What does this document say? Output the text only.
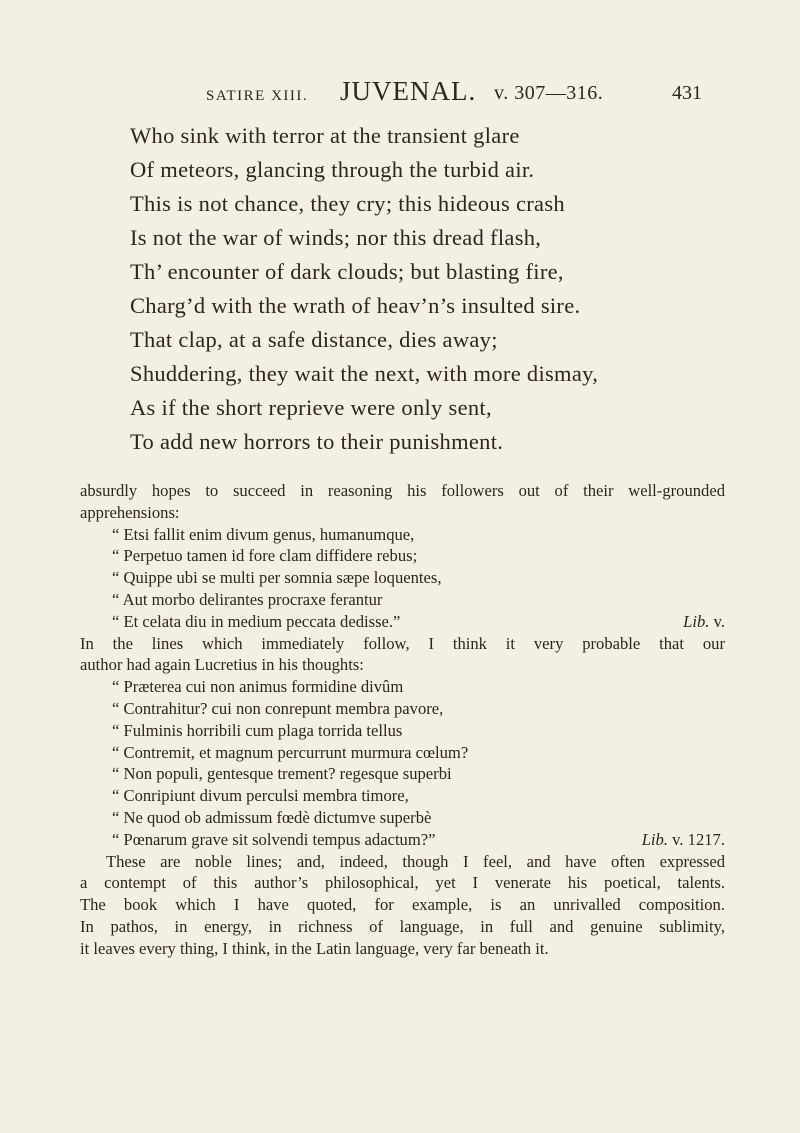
SATIRE XIII. JUVENAL. v. 307—316.	431
Who sink with terror at the transient glare
Of meteors, glancing through the turbid air.
This is not chance, they cry; this hideous crash
Is not the war of winds; nor this dread flash,
Th’ encounter of dark clouds; but blasting fire,
Charg’d with the wrath of heav’n’s insulted sire.
That clap, at a safe distance, dies away;
Shuddering, they wait the next, with more dismay,
As if the short reprieve were only sent,
To add new horrors to their punishment.
absurdly hopes to succeed in reasoning his followers out of their well-grounded
apprehensions:
“ Etsi fallit enim divum genus, humanumque,
“ Perpetuo tamen id fore clam diffidere rebus;
“ Quippe ubi se multi per somnia sæpe loquentes,
“ Aut morbo delirantes procraxe ferantur
“ Et celata diu in medium peccata dedisse.”	Lib. v.
In the lines which immediately follow, I think it very probable that our
author had again Lucretius in his thoughts:
“ Præterea cui non animus formidine divûm
“ Contrahitur? cui non conrepunt membra pavore,
“ Fulminis horribili cum plaga torrida tellus
“ Contremit, et magnum percurrunt murmura cœlum?
“ Non populi, gentesque trement? regesque superbi
“ Conripiunt divum perculsi membra timore,
“ Ne quod ob admissum fœdè dictumve superbè
“ Pœnarum grave sit solvendi tempus adactum?”	Lib. v. 1217.
These are noble lines; and, indeed, though I feel, and have often expressed
a contempt of this author’s philosophical, yet I venerate his poetical, talents.
The book which I have quoted, for example, is an unrivalled composition.
In pathos, in energy, in richness of language, in full and genuine sublimity,
it leaves every thing, I think, in the Latin language, very far beneath it.
